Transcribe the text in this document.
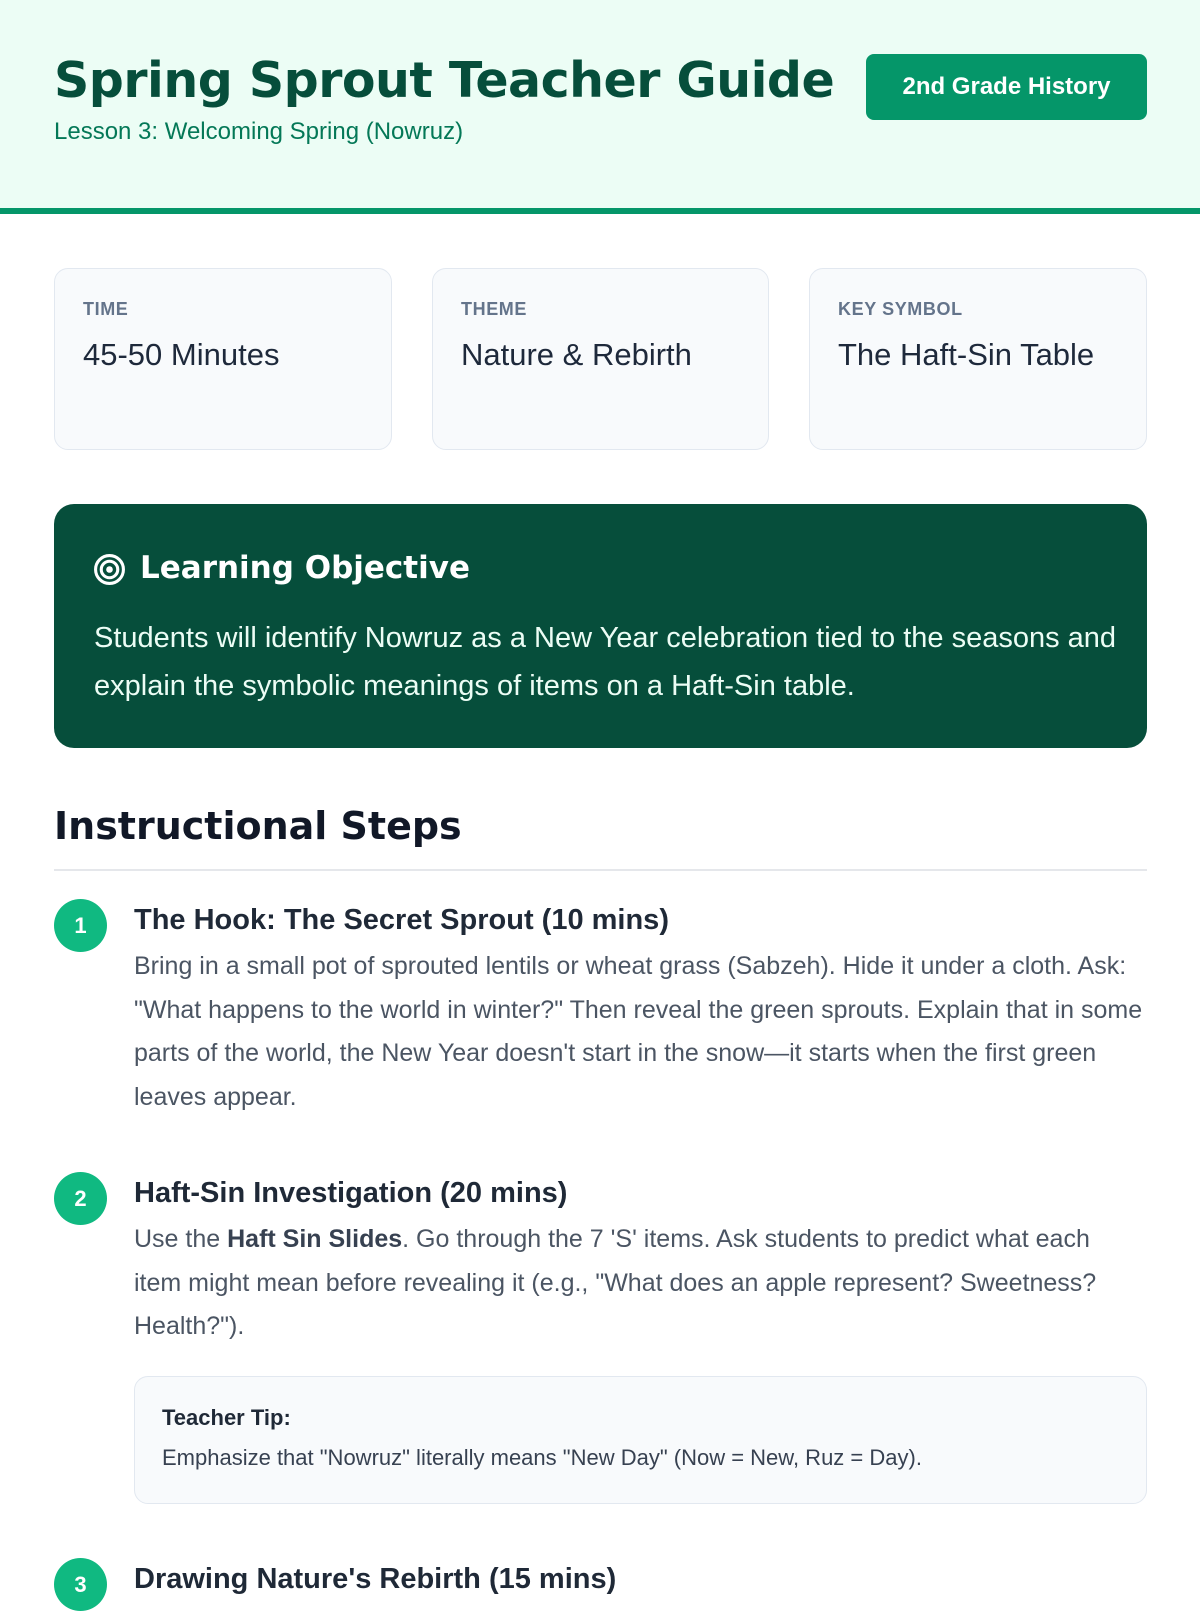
Spring Sprout Teacher Guide
Lesson 3: Welcoming Spring (Nowruz)
2nd Grade History
TIME
45-50 Minutes
THEME
Nature & Rebirth
KEY SYMBOL
The Haft-Sin Table
Learning Objective

Students will identify Nowruz as a New Year celebration tied to the seasons and explain the symbolic meanings of items on a Haft-Sin table.

Instructional Steps
1	The Hook: The Secret Sprout (10 mins)

Bring in a small pot of sprouted lentils or wheat grass (Sabzeh). Hide it under a cloth. Ask: "What happens to the world in winter?" Then reveal the green sprouts. Explain that in some parts of the world, the New Year doesn't start in the snow—it starts when the first green leaves appear.

2	Haft-Sin Investigation (20 mins)

Use the Haft Sin Slides. Go through the 7 'S' items. Ask students to predict what each item might mean before revealing it (e.g., "What does an apple represent? Sweetness? Health?").

Teacher Tip:
Emphasize that "Nowruz" literally means "New Day" (Now = New, Ruz = Day).
3	Drawing Nature's Rebirth (15 mins)
